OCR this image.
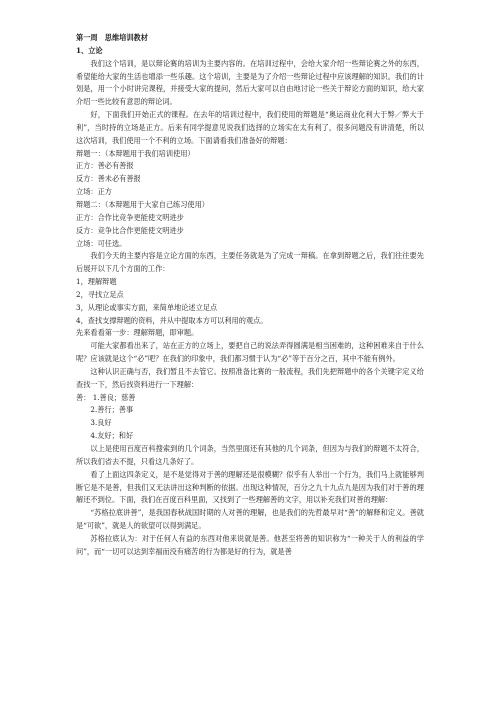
第一周　思维培训教材

1、立论

我们这个培训，是以辩论赛的培训为主要内容的。在培训过程中，会给大家介绍一些辩论赛之外的东西，希望能给大家的生活也增添一些乐趣。这个培训，主要是为了介绍一些辩论过程中应该理解的知识。我们的计划是，用一个小时讲完课程，并接受大家的提问，然后大家可以自由地讨论一些关于辩论方面的知识，给大家介绍一些比较有意思的辩论词。

好，下面我们开始正式的课程。在去年的培训过程中，我们使用的辩题是“奥运商业化利大于弊／弊大于利”，当时持的立场是正方。后来有同学提意见说我们选择的立场实在太有利了，很多问题没有讲清楚，所以这次培训，我们使用一个不利的立场。下面请看我们准备好的辩题：

辩题一：（本辩题用于我们培训使用）

正方：善必有善报

反方：善未必有善报

立场：正方

辩题二：（本辩题用于大家自己练习使用）

正方：合作比竞争更能使文明进步

反方：竞争比合作更能使文明进步

立场：可任选。

我们今天的主要内容是立论方面的东西，主要任务就是为了完成一辩稿。在拿到辩题之后，我们往往要先后展开以下几个方面的工作：

1，理解辩题

2，寻找立足点

3，从理论或事实方面，来简单地论述立足点

4，查找支撑辩题的资料，并从中提取本方可以利用的观点。

先来看看第一步：理解辩题，即审题。

可能大家都看出来了，站在正方的立场上，要把自己的说法弄得圆满是相当困难的，这种困难来自于什么呢？应该就是这个“必”吧？在我们的印象中，我们都习惯于认为“必”等于百分之百，其中不能有例外。

这种认识正确与否，我们暂且不去管它。按照准备比赛的一般流程，我们先把辩题中的各个关键字定义给查找一下，然后找资料进行一下理解：

善： 1.善良；慈善

2.善行；善事

3.良好

4.友好；和好

以上是使用百度百科搜索到的几个词条，当然里面还有其他的几个词条，但因为与我们的辩题不太符合，所以我们省去不提，只看这几条好了。

看了上面这四条定义，是不是觉得对于善的理解还是很模糊？似乎有人举出一个行为，我们马上就能够判断它是不是善，但我们又无法讲出这种判断的依据。出现这种情况，百分之九十九点九是因为我们对于善的理解还不到位。下面，我们在百度百科里面，又找到了一些理解善的文字，用以补充我们对善的理解：

“苏格拉底讲善”，是我国春秋战国时期的人对善的理解，也是我们的先哲最早对“善”的解释和定义。善就是“可欲”，就是人的欲望可以得到满足。

苏格拉底认为：对于任何人有益的东西对他来说就是善。他甚至将善的知识称为“一种关于人的利益的学问”，而“一切可以达到幸福而没有痛苦的行为都是好的行为，就是善
